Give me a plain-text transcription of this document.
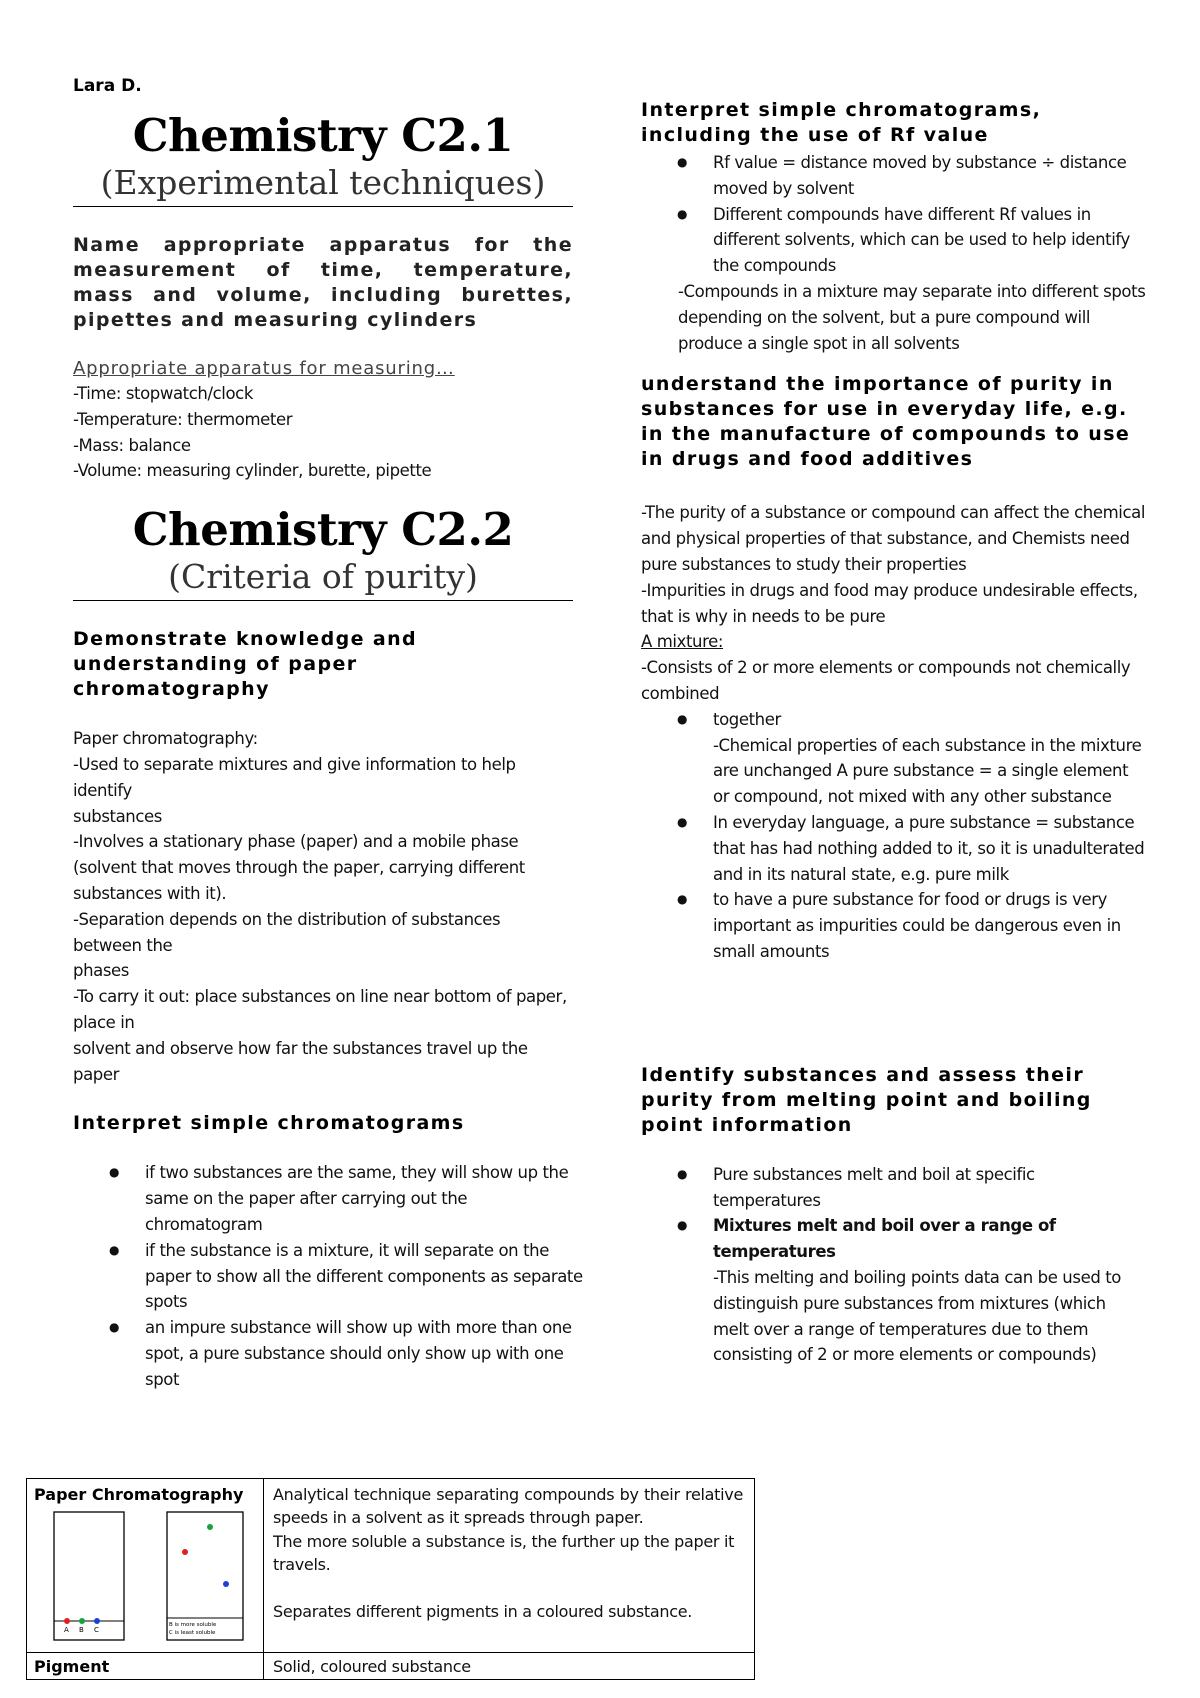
Lara D.

Chemistry C2.1

(Experimental techniques)

Name appropriate apparatus for the measurement of time, temperature, mass and volume, including burettes, pipettes and measuring cylinders

Appropriate apparatus for measuring…

-Time: stopwatch/clock

-Temperature: thermometer

-Mass: balance

-Volume: measuring cylinder, burette, pipette

Chemistry C2.2

(Criteria of purity)

Demonstrate knowledge and understanding of paper chromatography

Paper chromatography:

-Used to separate mixtures and give information to help identify

substances

-Involves a stationary phase (paper) and a mobile phase (solvent that moves through the paper, carrying different substances with it).

-Separation depends on the distribution of substances between the

phases

-To carry it out: place substances on line near bottom of paper, place in

solvent and observe how far the substances travel up the paper

Interpret simple chromatograms

● if two substances are the same, they will show up the same on the paper after carrying out the chromatogram
● if the substance is a mixture, it will separate on the paper to show all the different components as separate spots
● an impure substance will show up with more than one spot, a pure substance should only show up with one spot

Interpret simple chromatograms, including the use of Rf value

● Rf value = distance moved by substance ÷ distance moved by solvent
● Different compounds have different Rf values in different solvents, which can be used to help identify the compounds

-Compounds in a mixture may separate into different spots depending on the solvent, but a pure compound will produce a single spot in all solvents

understand the importance of purity in substances for use in everyday life, e.g. in the manufacture of compounds to use in drugs and food additives

-The purity of a substance or compound can affect the chemical and physical properties of that substance, and Chemists need pure substances to study their properties

-Impurities in drugs and food may produce undesirable effects, that is why in needs to be pure

A mixture:

-Consists of 2 or more elements or compounds not chemically combined

● together
-Chemical properties of each substance in the mixture are unchanged A pure substance = a single element or compound, not mixed with any other substance
● In everyday language, a pure substance = substance that has had nothing added to it, so it is unadulterated and in its natural state, e.g. pure milk
● to have a pure substance for food or drugs is very important as impurities could be dangerous even in small amounts

Identify substances and assess their purity from melting point and boiling point information

● Pure substances melt and boil at specific temperatures
● Mixtures melt and boil over a range of temperatures
-This melting and boiling points data can be used to distinguish pure substances from mixtures (which melt over a range of temperatures due to them consisting of 2 or more elements or compounds)
Paper Chromatography Analytical technique separating compounds by their relative speeds in a solvent as it spreads through paper.
The more soluble a substance is, the further up the paper it travels.
Separates different pigments in a coloured substance.
Pigment	Solid, coloured substance
A B C
B is more soluble
C is least soluble
